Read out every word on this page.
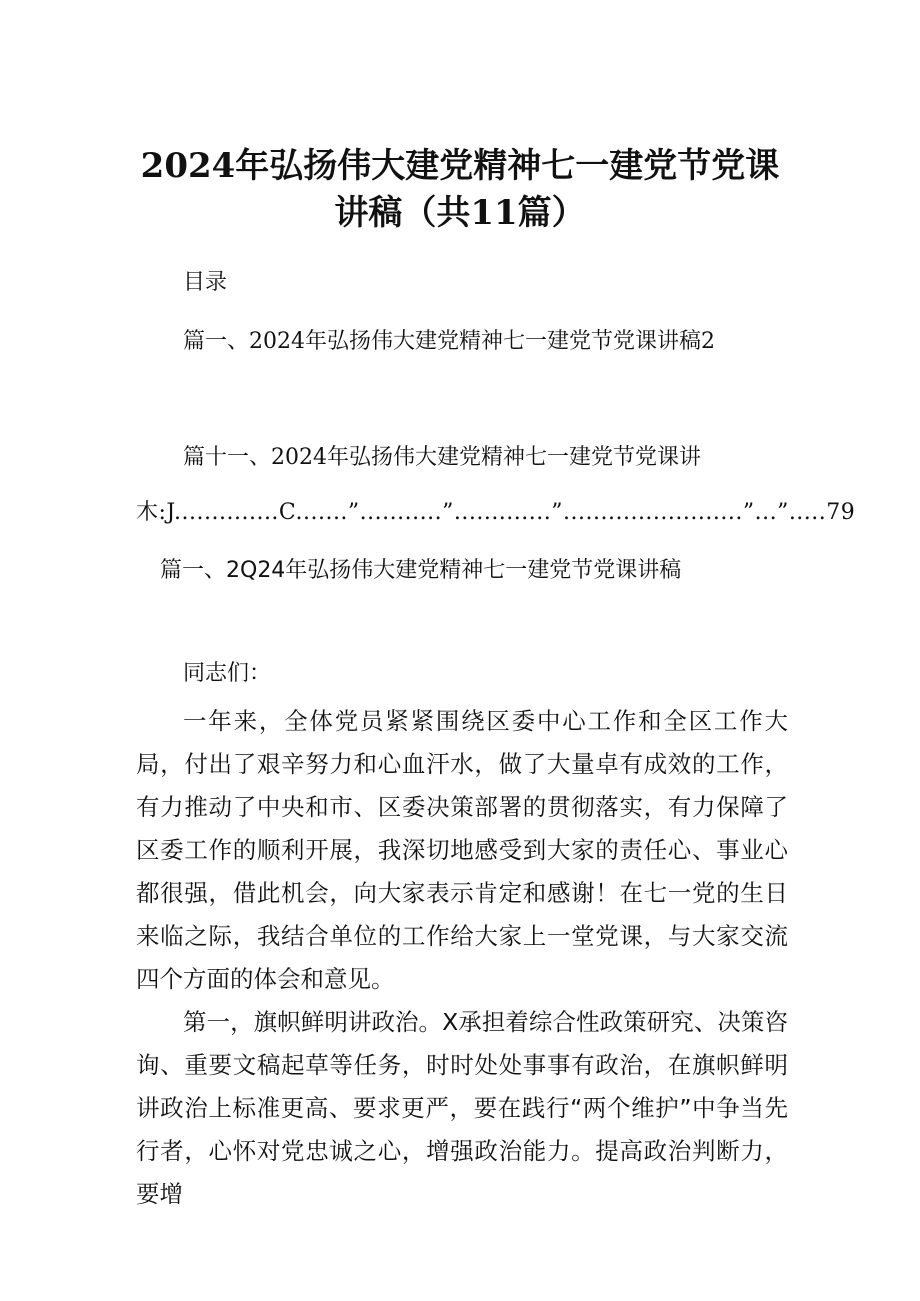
2024年弘扬伟大建党精神七一建党节党课
讲稿（共11篇）
目录
篇一、2024年弘扬伟大建党精神七一建党节党课讲稿2
篇十一、2024年弘扬伟大建党精神七一建党节党课讲
木:J..............C.......”...........”.............”........................”...”.....79
篇一、2Q24年弘扬伟大建党精神七一建党节党课讲稿
同志们：

一年来，全体党员紧紧围绕区委中心工作和全区工作大局，付出了艰辛努力和心血汗水，做了大量卓有成效的工作，有力推动了中央和市、区委决策部署的贯彻落实，有力保障了区委工作的顺利开展，我深切地感受到大家的责任心、事业心都很强，借此机会，向大家表示肯定和感谢！在七一党的生日来临之际，我结合单位的工作给大家上一堂党课，与大家交流四个方面的体会和意见。

第一，旗帜鲜明讲政治。X承担着综合性政策研究、决策咨询、重要文稿起草等任务，时时处处事事有政治，在旗帜鲜明讲政治上标准更高、要求更严，要在践行“两个维护”中争当先行者，心怀对党忠诚之心，增强政治能力。提高政治判断力，要增
